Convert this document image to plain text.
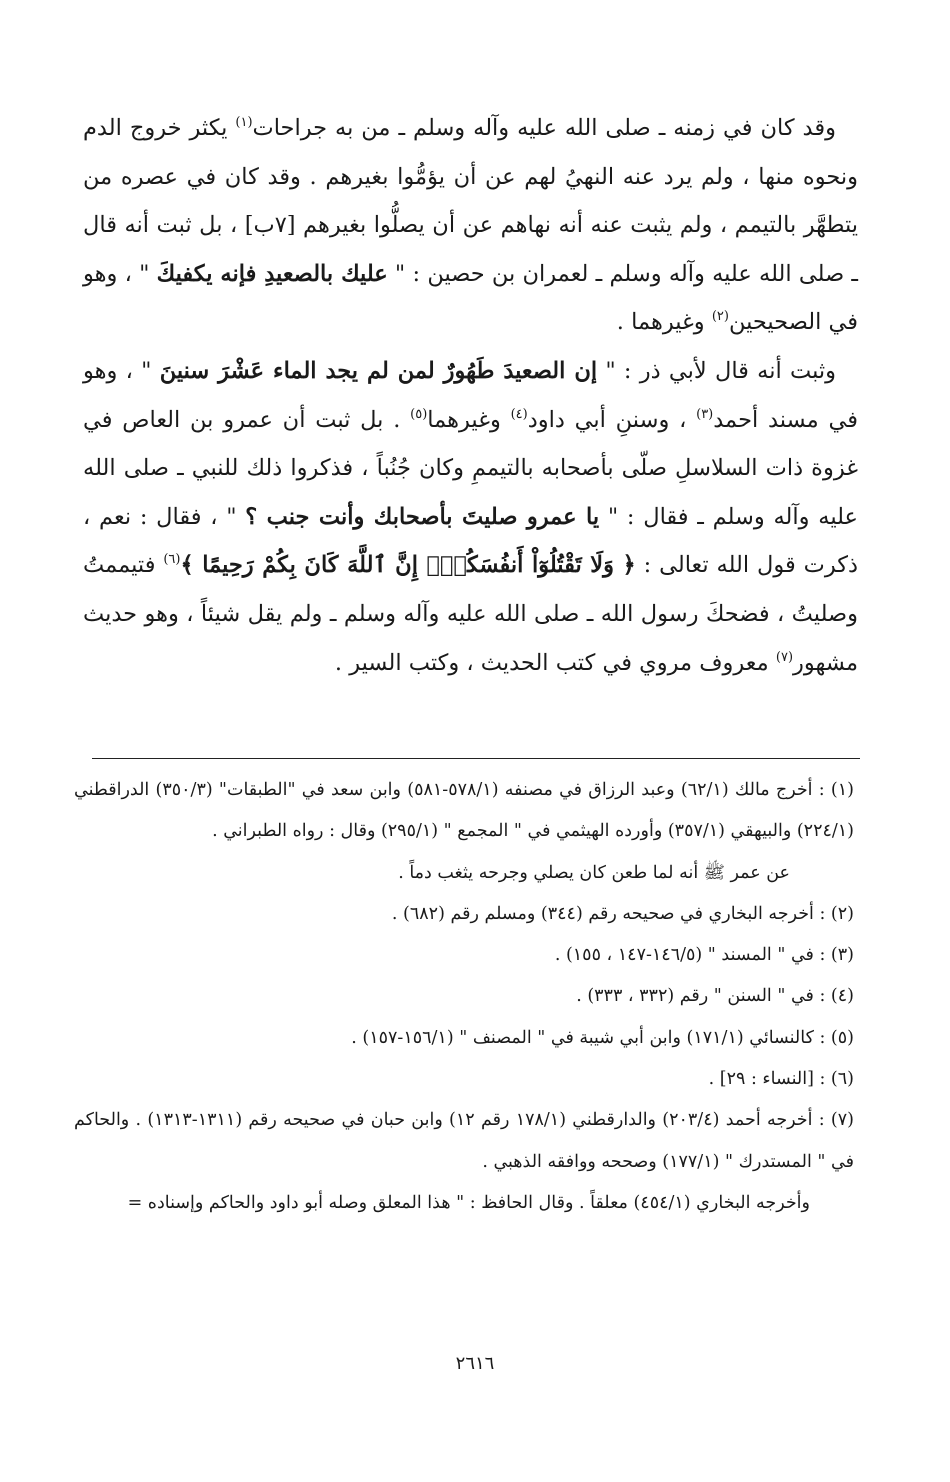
وقد كان في زمنه ـ صلى الله عليه وآله وسلم ـ من به جراحات$^{(١)}$ يكثر خروج الدم ونحوه منها ، ولم يرد عنه النهيُ لهم عن أن يؤمُّوا بغيرهم . وقد كان في عصره من يتطهَّر بالتيمم ، ولم يثبت عنه أنه نهاهم عن أن يصلُّوا بغيرهم [٧ب] ، بل ثبت أنه قال ـ صلى الله عليه وآله وسلم ـ لعمران بن حصين : " عليك بالصعيدِ فإنه يكفيكَ " ، وهو في الصحيحين$^{(٢)}$ وغيرهما .

وثبت أنه قال لأبي ذر : " إن الصعيدَ طَهُورٌ لمن لم يجد الماء عَشْرَ سنينَ " ، وهو في مسند أحمد$^{(٣)}$ ، وسننِ أبي داود$^{(٤)}$ وغيرهما$^{(٥)}$ . بل ثبت أن عمرو بن العاص في غزوة ذات السلاسلِ صلّى بأصحابه بالتيممِ وكان جُنُباً ، فذكروا ذلك للنبي ـ صلى الله عليه وآله وسلم ـ فقال : " يا عمرو صليتَ بأصحابك وأنت جنب ؟ " ، فقال : نعم ، ذكرت قول الله تعالى : ﴿ وَلَا تَقْتُلُوٓاْ أَنفُسَكُمْۚ إِنَّ ٱللَّهَ كَانَ بِكُمْ رَحِيمًا ﴾$^{(٦)}$ فتيممتُ وصليتُ ، فضحكَ رسول الله ـ صلى الله عليه وآله وسلم ـ ولم يقل شيئاً ، وهو حديث مشهور$^{(٧)}$ معروف مروي في كتب الحديث ، وكتب السير .

(١) : أخرج مالك (٦٢/١) وعبد الرزاق في مصنفه (٥٧٨/١-٥٨١) وابن سعد في "الطبقات" (٣٥٠/٣) الدراقطني (٢٢٤/١) والبيهقي (٣٥٧/١) وأورده الهيثمي في " المجمع " (٢٩٥/١) وقال : رواه الطبراني .

عن عمر ﷺ أنه لما طعن كان يصلي وجرحه يثغب دماً .

(٢) : أخرجه البخاري في صحيحه رقم (٣٤٤) ومسلم رقم (٦٨٢) .

(٣) : في " المسند " (١٤٦/٥-١٤٧ ، ١٥٥) .

(٤) : في " السنن " رقم (٣٣٢ ، ٣٣٣) .

(٥) : كالنسائي (١٧١/١) وابن أبي شيبة في " المصنف " (١٥٦/١-١٥٧) .

(٦) : [النساء : ٢٩] .

(٧) : أخرجه أحمد (٢٠٣/٤) والدارقطني (١٧٨/١ رقم ١٢) وابن حبان في صحيحه رقم (١٣١١-١٣١٣) . والحاكم في " المستدرك " (١٧٧/١) وصححه ووافقه الذهبي .

وأخرجه البخاري (٤٥٤/١) معلقاً . وقال الحافظ : " هذا المعلق وصله أبو داود والحاكم وإسناده =

٢٦١٦
